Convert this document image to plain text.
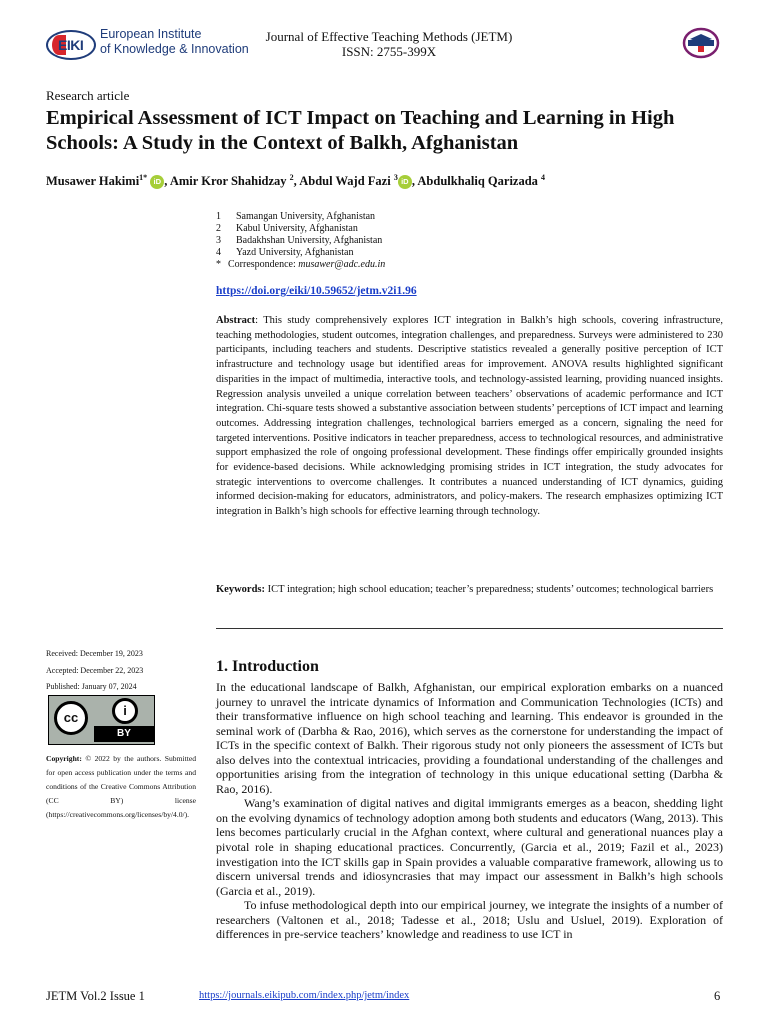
EIKI
European Institute
of Knowledge & Innovation
Journal of Effective Teaching Methods (JETM)
ISSN: 2755-399X
Research article
Empirical Assessment of ICT Impact on Teaching and Learning in High Schools: A Study in the Context of Balkh, Afghanistan
Musawer Hakimi$^{1*}$ iD , Amir Kror Shahidzay $^2$, Abdul Wajd Fazi $^3$ iD , Abdulkhaliq Qarizada $^4$
1	Samangan University, Afghanistan
2	Kabul University, Afghanistan
3	Badakhshan University, Afghanistan
4	Yazd University, Afghanistan
* Correspondence:
musawer@adc.edu.in
https://doi.org/eiki/10.59652/jetm.v2i1.96
Abstract: This study comprehensively explores ICT integration in Balkh’s high schools, covering infrastructure, teaching methodologies, student outcomes, integration challenges, and preparedness. Surveys were administered to 230 participants, including teachers and students. Descriptive statistics revealed a generally positive perception of ICT infrastructure and technology usage but identified areas for improvement. ANOVA results highlighted significant disparities in the impact of multimedia, interactive tools, and technology-assisted learning, providing nuanced insights. Regression analysis unveiled a unique correlation between teachers’ observations of academic performance and ICT integration. Chi-square tests showed a substantive association between students’ perceptions of ICT impact and learning outcomes. Addressing integration challenges, technological barriers emerged as a concern, signaling the need for targeted interventions. Positive indicators in teacher preparedness, access to technological resources, and administrative support emphasized the role of ongoing professional development. These findings offer empirically grounded insights for evidence-based decisions. While acknowledging promising strides in ICT integration, the study advocates for strategic interventions to overcome challenges. It contributes a nuanced understanding of ICT dynamics, guiding informed decision-making for educators, administrators, and policy-makers. The research emphasizes optimizing ICT integration in Balkh’s high schools for effective learning through technology.
Keywords: ICT integration; high school education; teacher’s preparedness; students’ outcomes; technological barriers
Received: December 19, 2023
Accepted: December 22, 2023
Published: January 07, 2024
cc	i
BY
Copyright: © 2022 by the authors. Submitted for open access publication under the terms and conditions of the Creative Commons Attribution (CC BY) license (https://creativecommons.org/licenses/by/4.0/).
1. Introduction

In the educational landscape of Balkh, Afghanistan, our empirical exploration embarks on a nuanced journey to unravel the intricate dynamics of Information and Communication Technologies (ICTs) and their transformative influence on high school teaching and learning. This endeavor is grounded in the seminal work of (Darbha & Rao, 2016), which serves as the cornerstone for understanding the impact of ICTs in the specific context of Balkh. Their rigorous study not only pioneers the assessment of ICTs but also delves into the contextual intricacies, providing a foundational understanding of the challenges and opportunities arising from the integration of technology in this unique educational setting (Darbha & Rao, 2016).

Wang’s examination of digital natives and digital immigrants emerges as a beacon, shedding light on the evolving dynamics of technology adoption among both students and educators (Wang, 2013). This lens becomes particularly crucial in the Afghan context, where cultural and generational nuances play a pivotal role in shaping educational practices. Concurrently, (Garcia et al., 2019; Fazil et al., 2023) investigation into the ICT skills gap in Spain provides a valuable comparative framework, allowing us to discern universal trends and idiosyncrasies that may impact our assessment in Balkh’s high schools (Garcia et al., 2019).

To infuse methodological depth into our empirical journey, we integrate the insights of a number of researchers (Valtonen et al., 2018; Tadesse et al., 2018; Uslu and Usluel, 2019). Exploration of differences in pre-service teachers’ knowledge and readiness to use ICT in

JETM Vol.2 Issue 1	https://journals.eikipub.com/index.php/jetm/index	6
